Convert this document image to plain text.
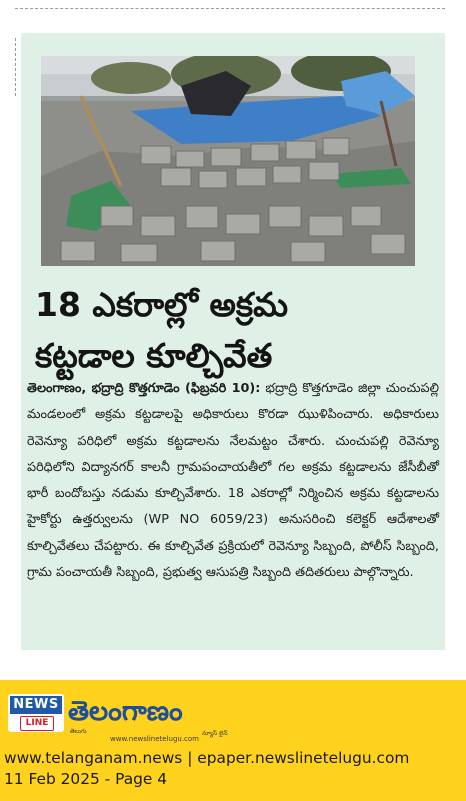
18 ఎకరాల్లో అక్రమ
కట్టడాల కూల్చివేత

తెలంగాణం, భద్రాద్రి కొత్తగూడెం (ఫిబ్రవరి 10): భద్రాద్రి కొత్తగూడెం జిల్లా చుంచుపల్లి మండలంలో అక్రమ కట్టడాలపై అధికారులు కొరడా ఝుళిపించారు. అధికారులు రెవెన్యూ పరిధిలో అక్రమ కట్టడాలను నేలమట్టం చేశారు. చుంచుపల్లి రెవెన్యూ పరిధిలోని విద్యానగర్ కాలనీ గ్రామపంచాయతీలో గల అక్రమ కట్టడాలను జేసీబీతో భారీ బందోబస్తు నడుమ కూల్చివేశారు. 18 ఎకరాల్లో నిర్మించిన అక్రమ కట్టడాలను హైకోర్టు ఉత్తర్వులను (WP NO 6059/23) అనుసరించి కలెక్టర్ ఆదేశాలతో కూల్చివేతలు చేపట్టారు. ఈ కూల్చివేత ప్రక్రియలో రెవెన్యూ సిబ్బంది, పోలీస్ సిబ్బంది, గ్రామ పంచాయతీ సిబ్బంది, ప్రభుత్వ ఆసుపత్రి సిబ్బంది తదితరులు పాల్గొన్నారు.

NEWS
LINE తెలంగాణం
తెలుగు
www.newslinetelugu.com
న్యూస్ లైన్
www.telanganam.news | epaper.newslinetelugu.com
11 Feb 2025 - Page 4
